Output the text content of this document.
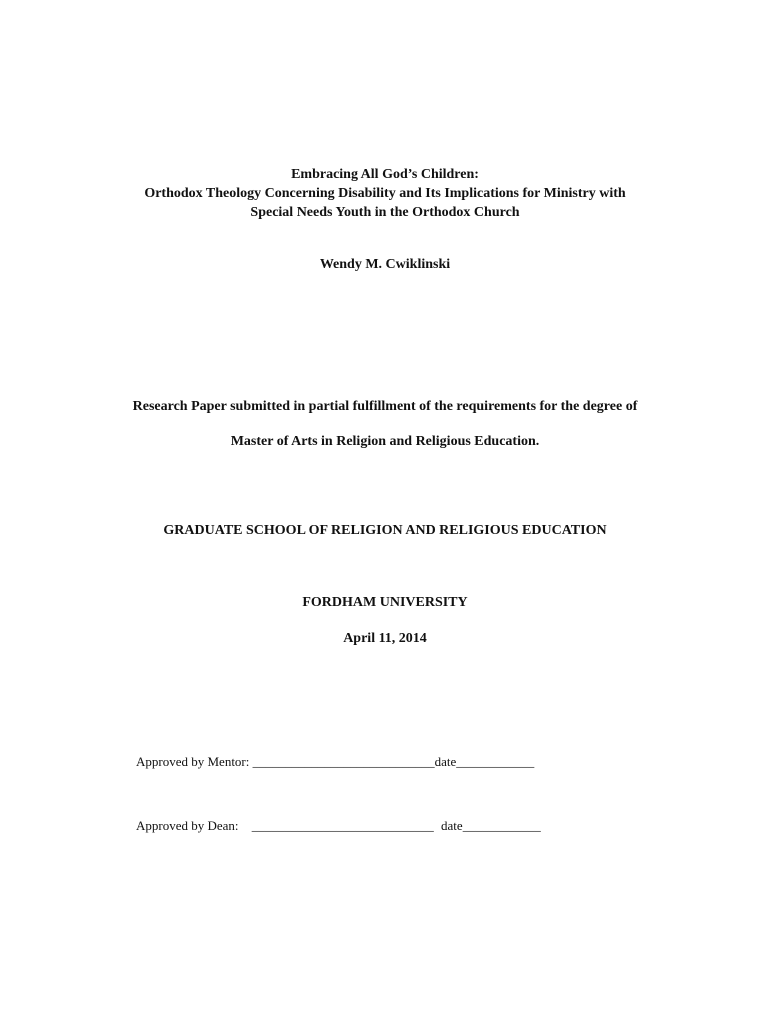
Embracing All God’s Children:
Orthodox Theology Concerning Disability and Its Implications for Ministry with
Special Needs Youth in the Orthodox Church
Wendy M. Cwiklinski
Research Paper submitted in partial fulfillment of the requirements for the degree of
Master of Arts in Religion and Religious Education.
GRADUATE SCHOOL OF RELIGION AND RELIGIOUS EDUCATION
FORDHAM UNIVERSITY
April 11, 2014
Approved by Mentor: ____________________________date____________
Approved by Dean: ____________________________ date____________
